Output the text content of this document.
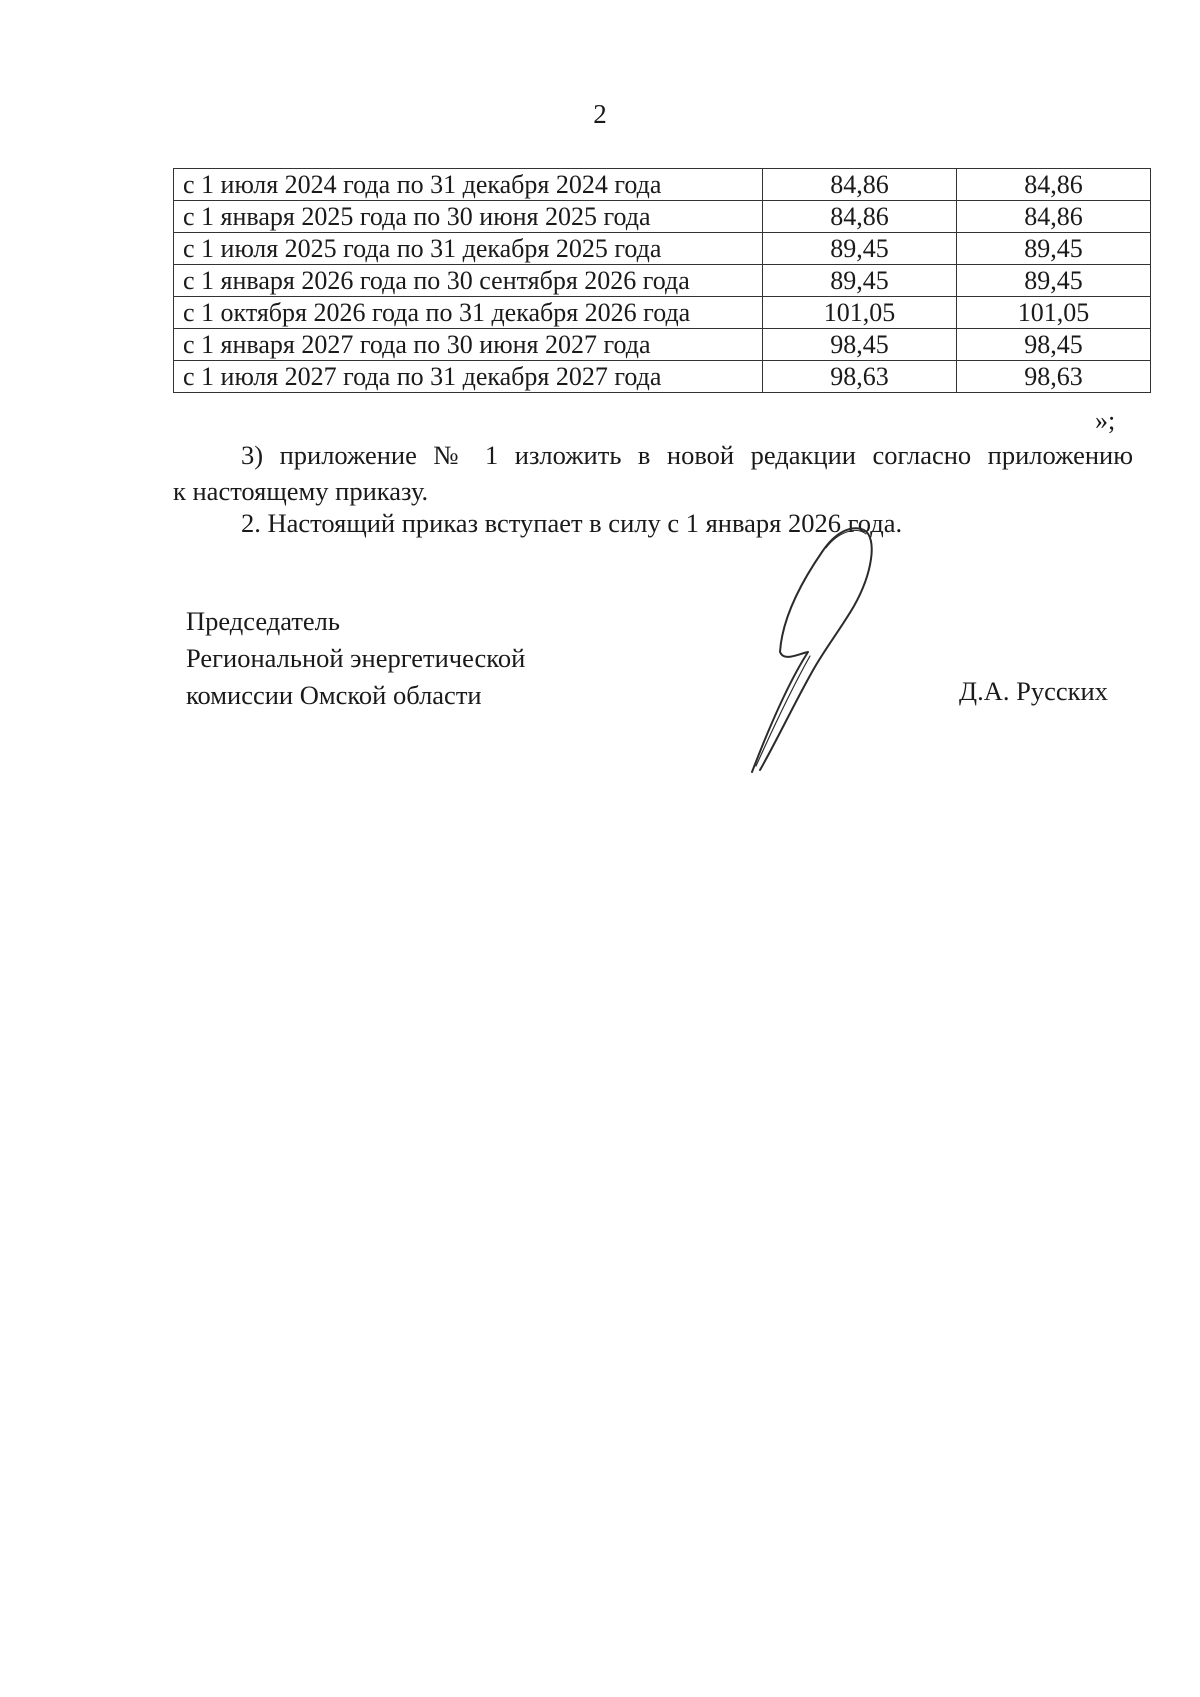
2
с 1 июля 2024 года по 31 декабря 2024 года	84,86	84,86
с 1 января 2025 года по 30 июня 2025 года	84,86	84,86
с 1 июля 2025 года по 31 декабря 2025 года	89,45	89,45
с 1 января 2026 года по 30 сентября 2026 года	89,45	89,45
с 1 октября 2026 года по 31 декабря 2026 года	101,05	101,05
с 1 января 2027 года по 30 июня 2027 года	98,45	98,45
с 1 июля 2027 года по 31 декабря 2027 года	98,63	98,63
»;
3) приложение № 1 изложить в новой редакции согласно приложению
к настоящему приказу.
2. Настоящий приказ вступает в силу с 1 января 2026 года.
Председатель
Региональной энергетической
комиссии Омской области	Д.А. Русских
